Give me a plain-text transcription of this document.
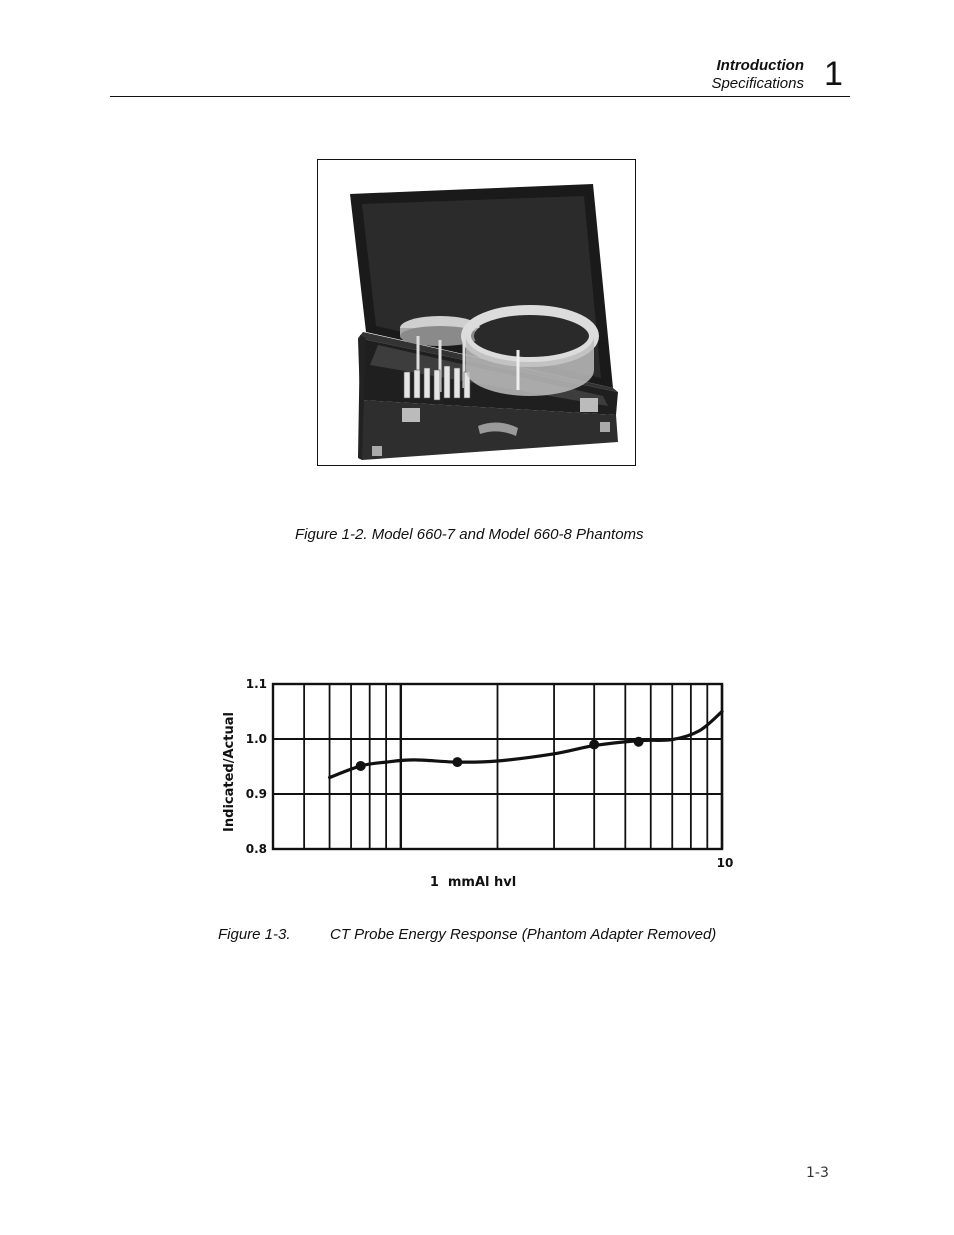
Introduction
Specifications 1
Figure 1-2. Model 660-7 and Model 660-8 Phantoms
0.8
0.9
1.0
1.1
10
1 mmAl hvl
Indicated/Actual
Figure 1-3.	CT Probe Energy Response (Phantom Adapter Removed)
1-3
